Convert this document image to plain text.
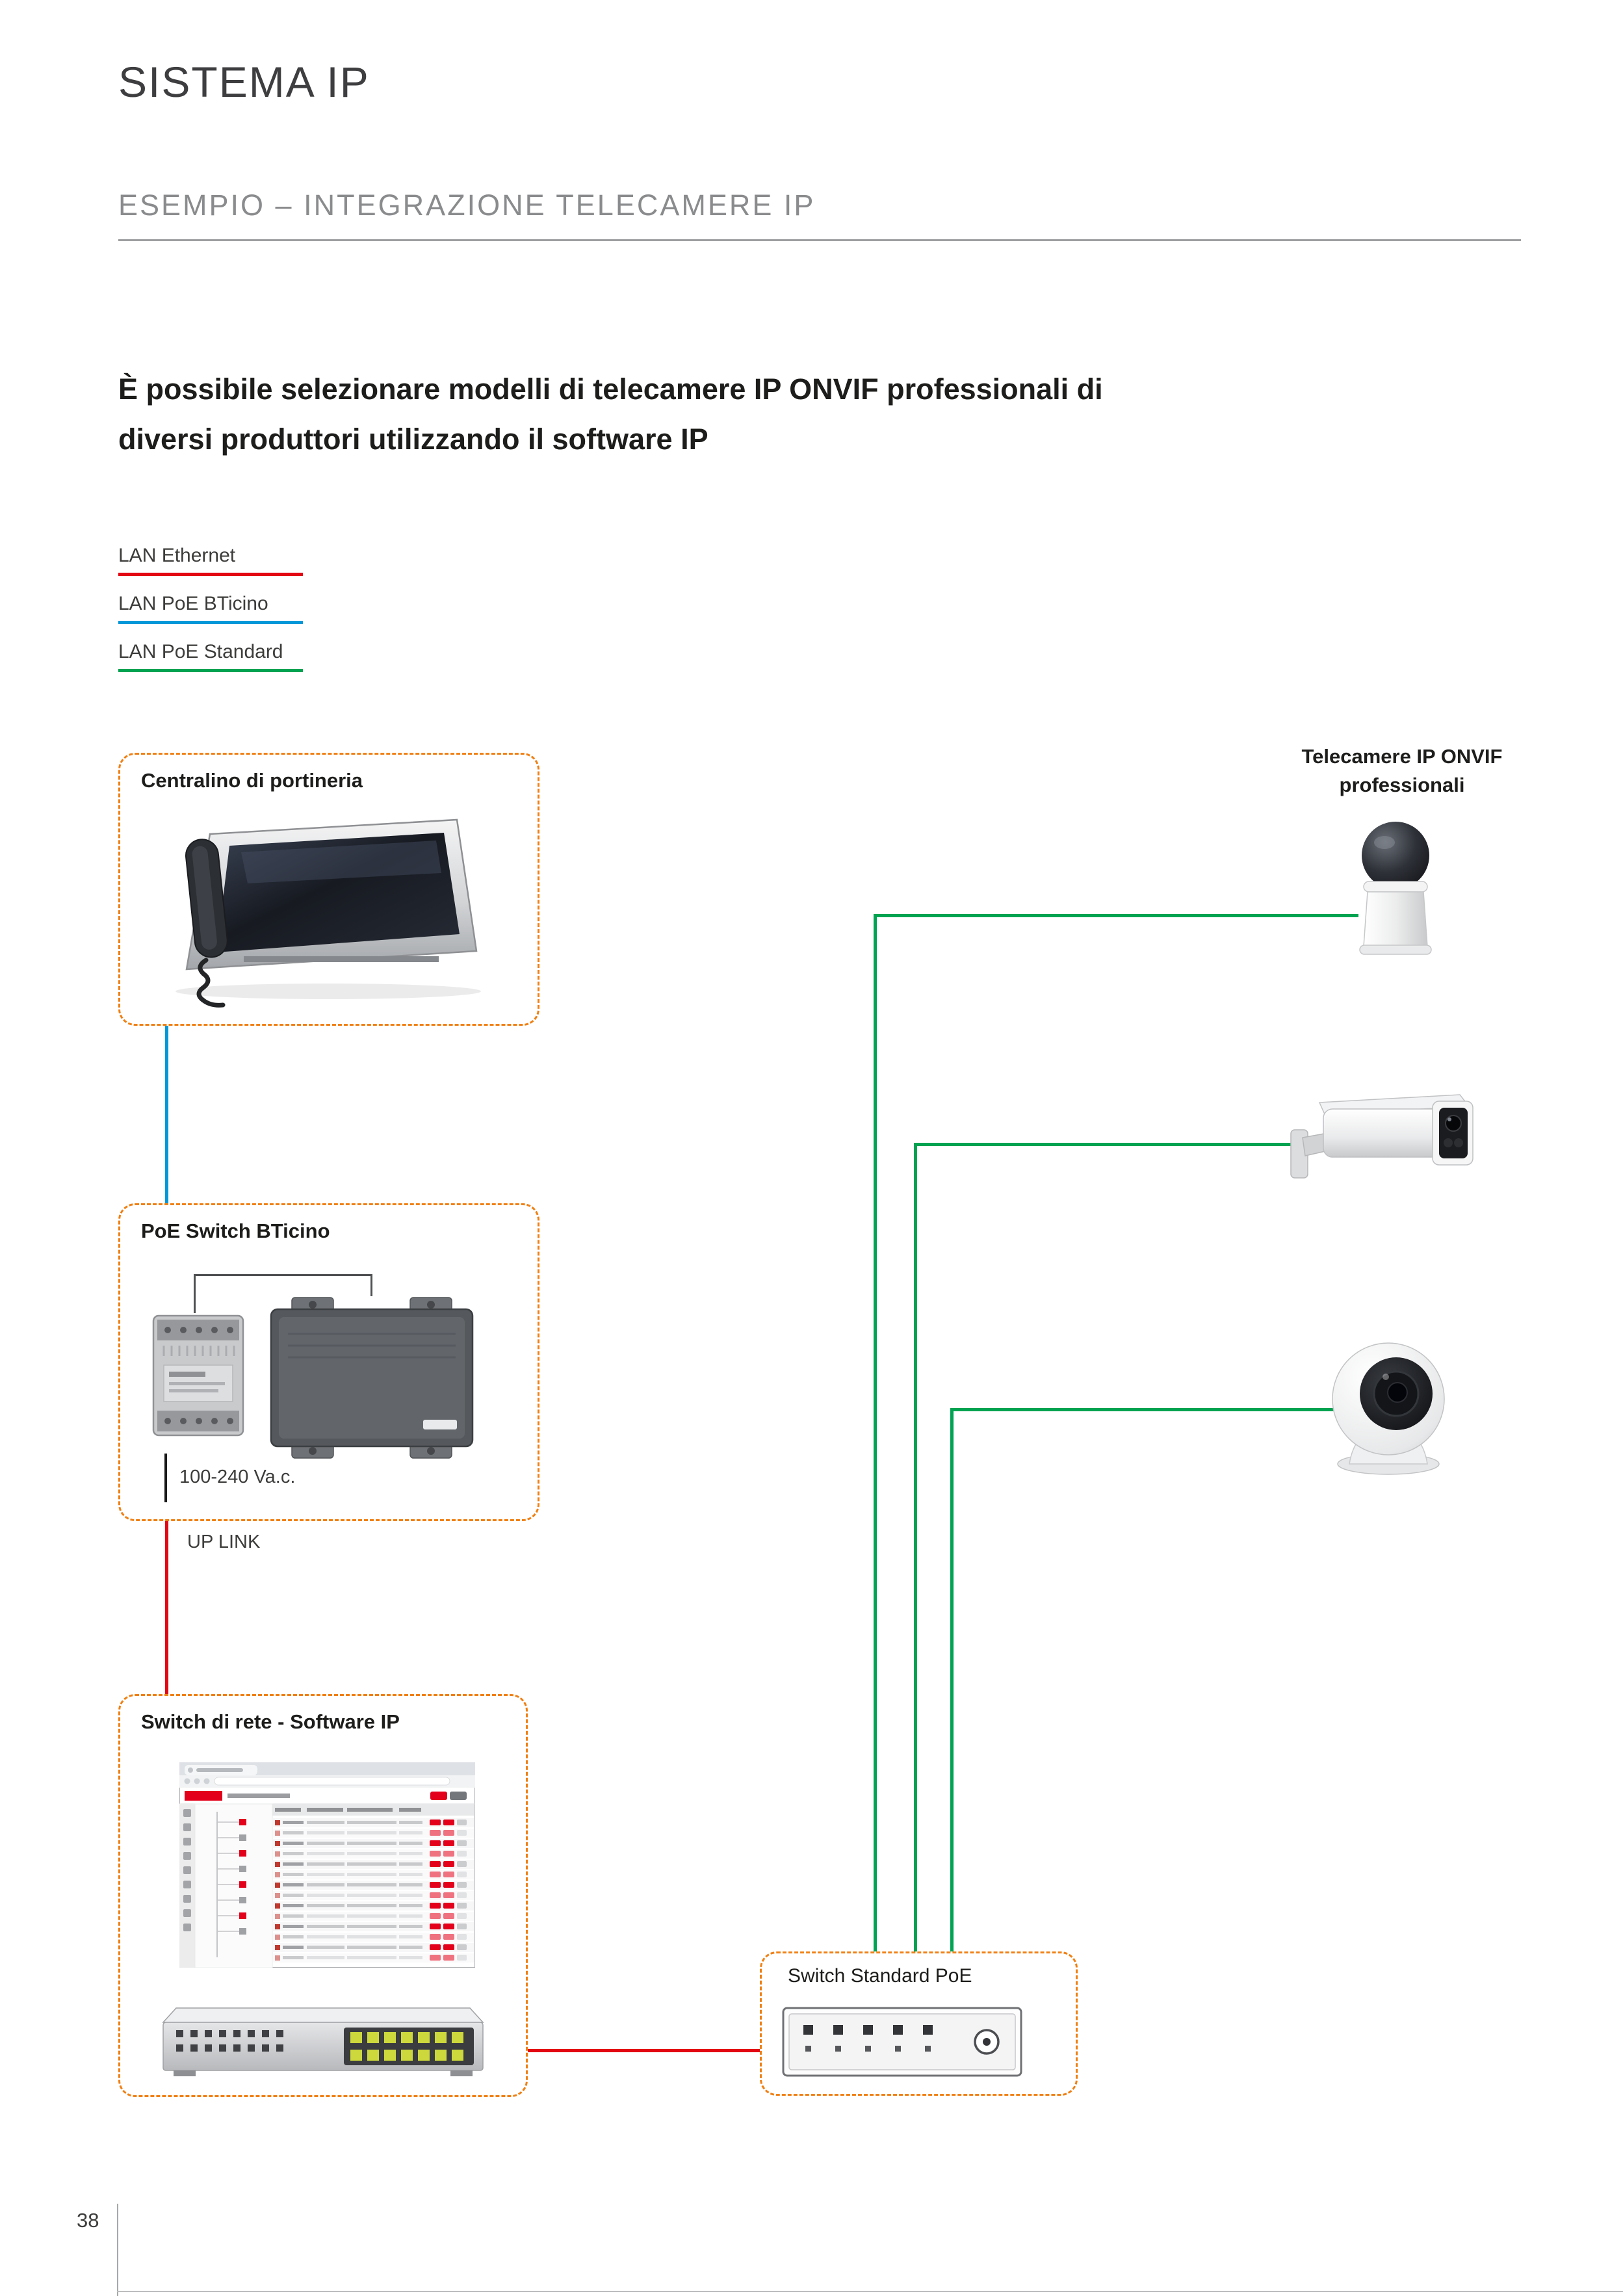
SISTEMA IP
ESEMPIO – INTEGRAZIONE TELECAMERE IP
È possibile selezionare modelli di telecamere IP ONVIF professionali di
diversi produttori utilizzando il software IP
LAN Ethernet
LAN PoE BTicino
LAN PoE Standard
Centralino di portineria
PoE Switch BTicino
100-240 Va.c.
UP LINK
Switch di rete - Software IP
Switch Standard PoE
Telecamere IP ONVIF
professionali
38
